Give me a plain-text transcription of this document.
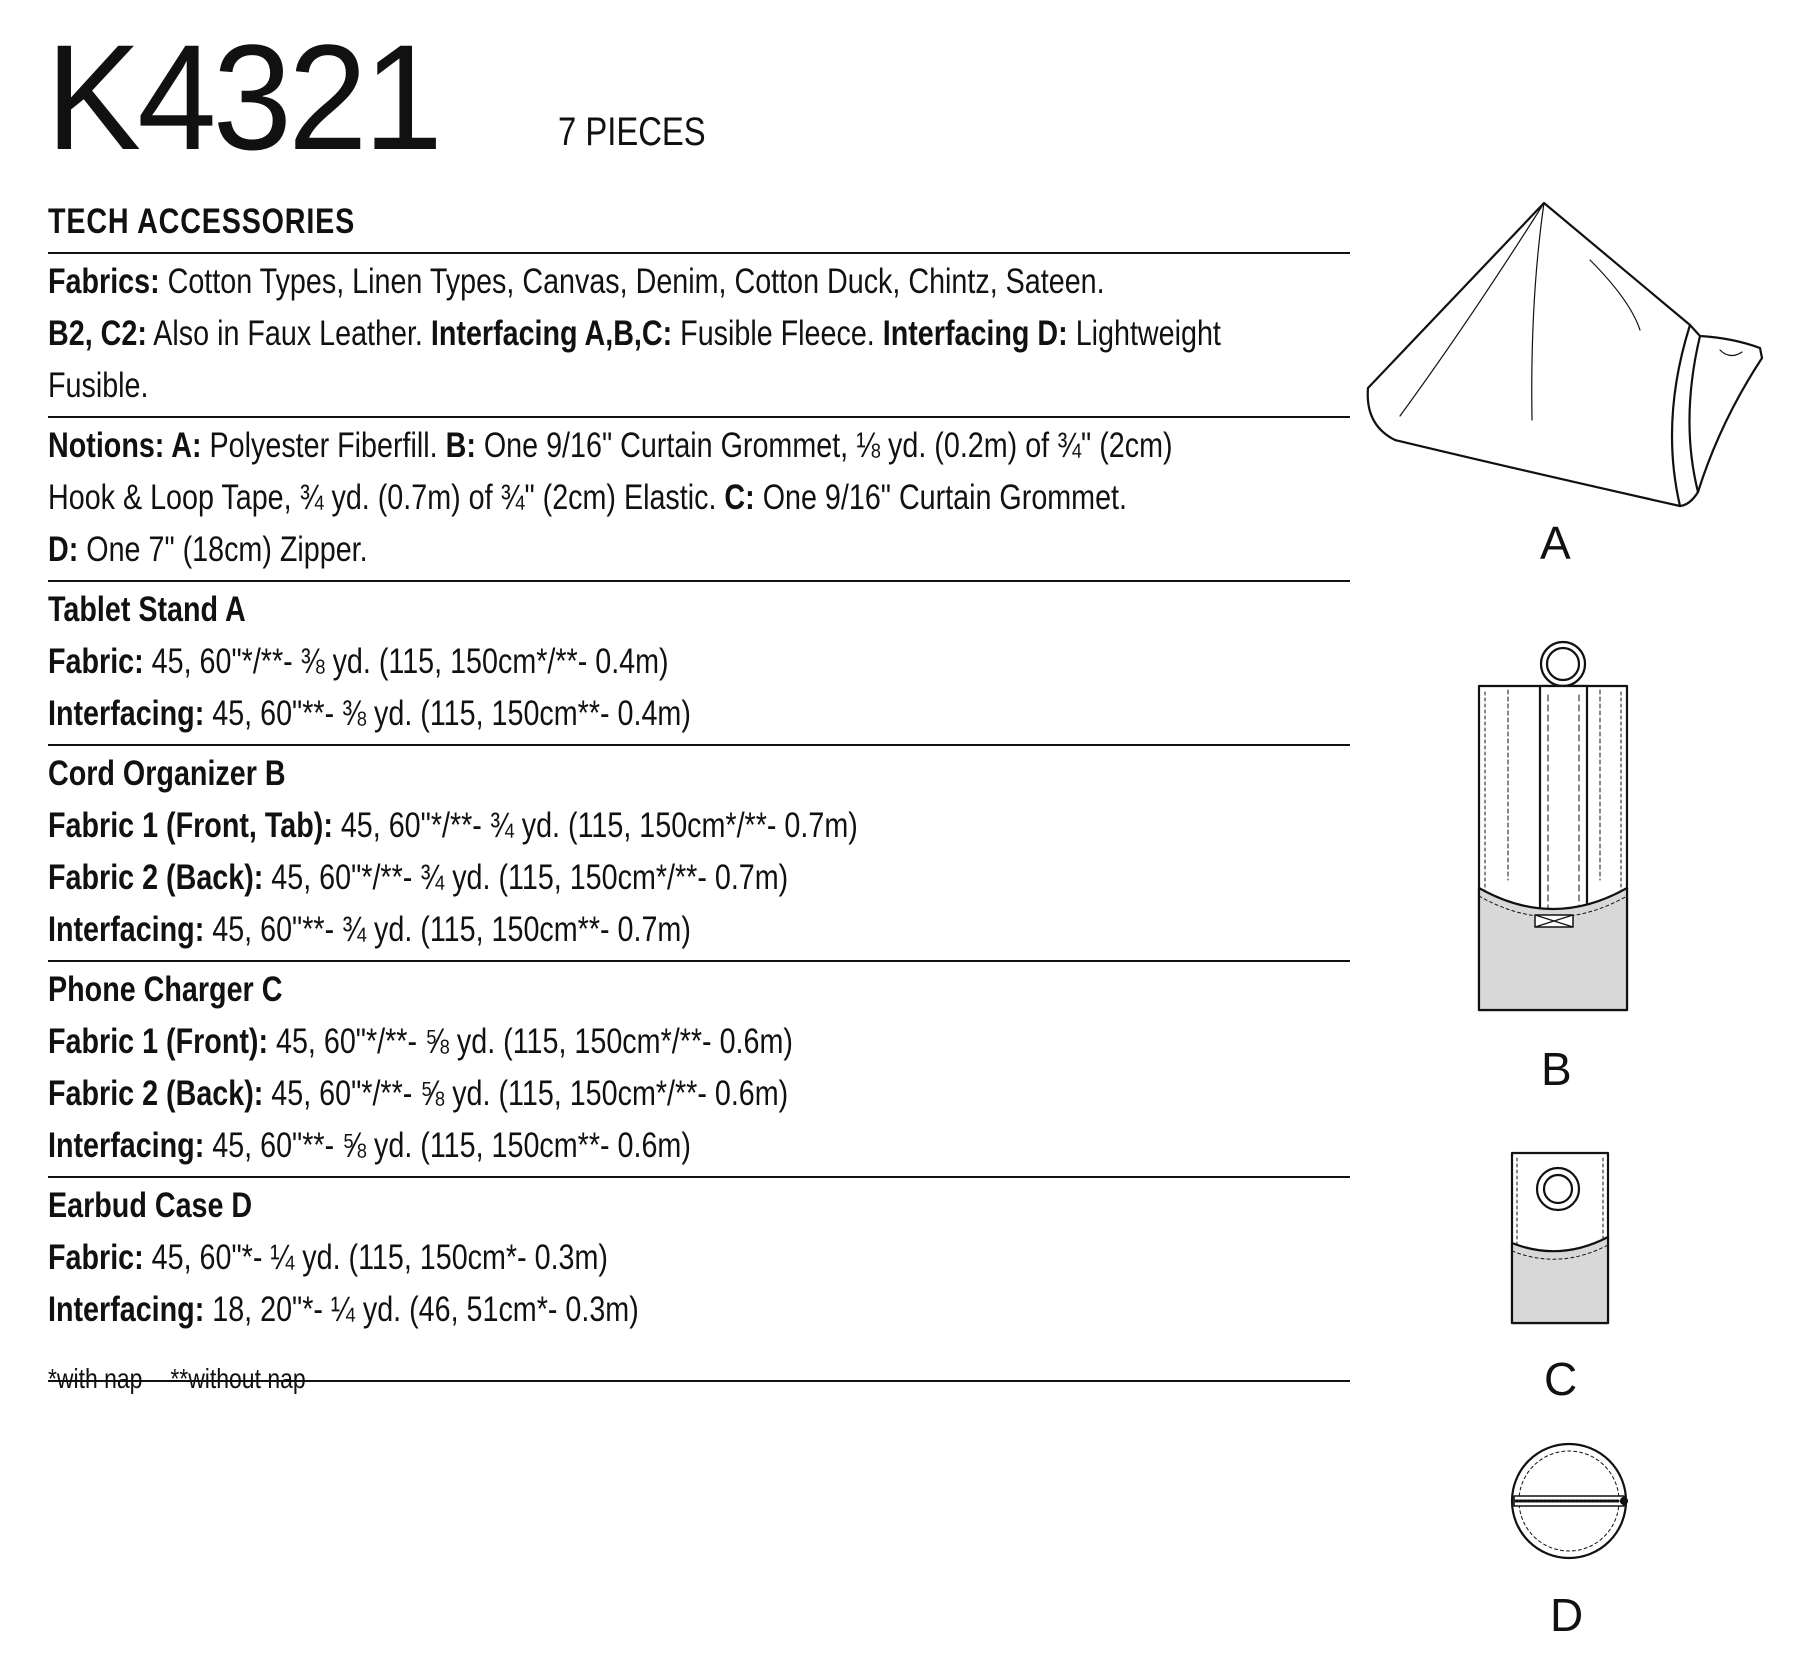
K4321	7 PIECES
TECH ACCESSORIES
Fabrics: Cotton Types, Linen Types, Canvas, Denim, Cotton Duck, Chintz, Sateen.
B2, C2: Also in Faux Leather. Interfacing A,B,C: Fusible Fleece. Interfacing D: Lightweight
Fusible.
Notions: A: Polyester Fiberfill. B: One 9/16" Curtain Grommet, ⅛ yd. (0.2m) of ¾" (2cm)
Hook & Loop Tape, ¾ yd. (0.7m) of ¾" (2cm) Elastic. C: One 9/16" Curtain Grommet.
D: One 7" (18cm) Zipper.
Tablet Stand A
Fabric: 45, 60"*/**- ⅜ yd. (115, 150cm*/**- 0.4m)
Interfacing: 45, 60"**- ⅜ yd. (115, 150cm**- 0.4m)
Cord Organizer B
Fabric 1 (Front, Tab): 45, 60"*/**- ¾ yd. (115, 150cm*/**- 0.7m)
Fabric 2 (Back): 45, 60"*/**- ¾ yd. (115, 150cm*/**- 0.7m)
Interfacing: 45, 60"**- ¾ yd. (115, 150cm**- 0.7m)
Phone Charger C
Fabric 1 (Front): 45, 60"*/**- ⅝ yd. (115, 150cm*/**- 0.6m)
Fabric 2 (Back): 45, 60"*/**- ⅝ yd. (115, 150cm*/**- 0.6m)
Interfacing: 45, 60"**- ⅝ yd. (115, 150cm**- 0.6m)
Earbud Case D
Fabric: 45, 60"*- ¼ yd. (115, 150cm*- 0.3m)
Interfacing: 18, 20"*- ¼ yd. (46, 51cm*- 0.3m)
*with nap **without nap
A
B
C
D
